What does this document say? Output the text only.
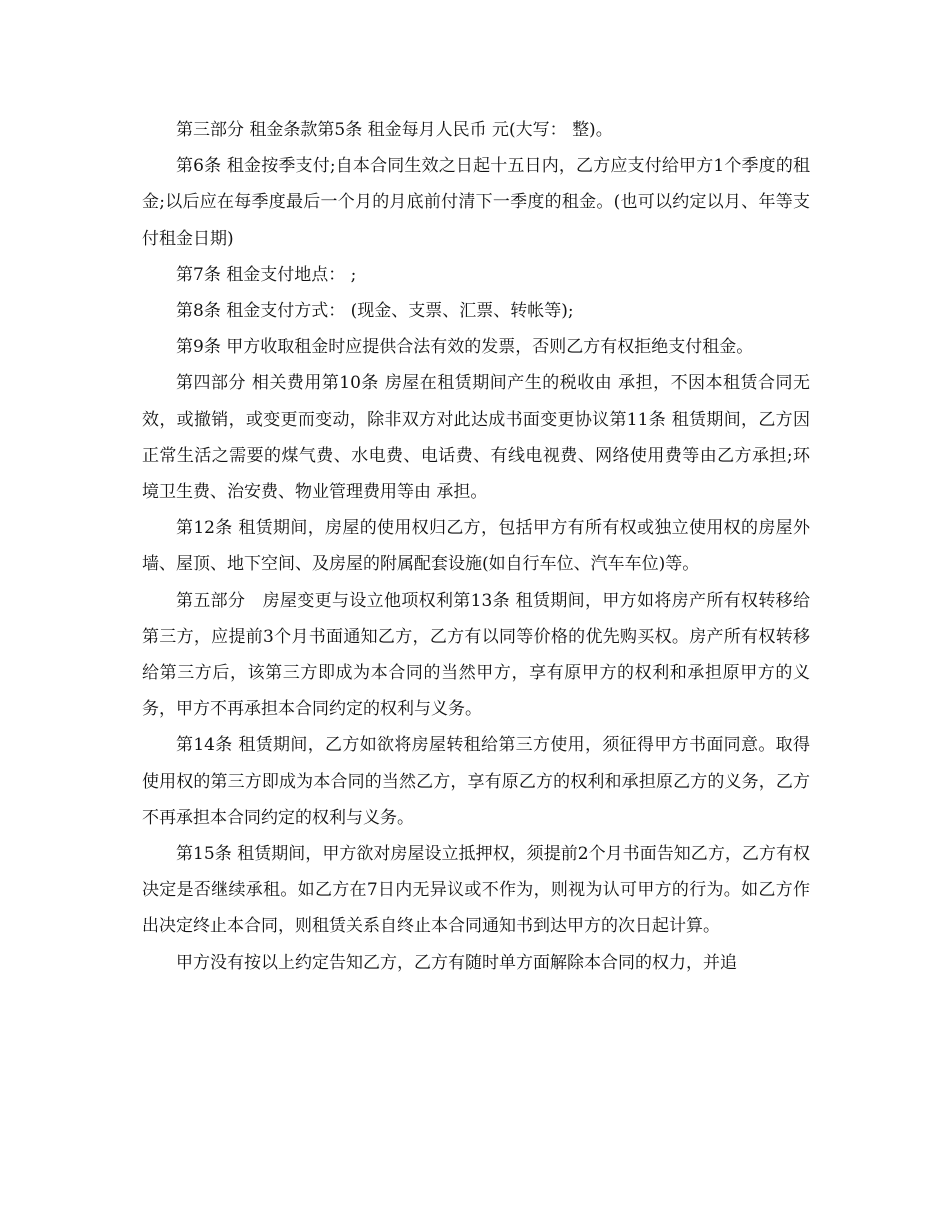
第三部分 租金条款第5条 租金每月人民币 元(大写： 整)。

第6条 租金按季支付;自本合同生效之日起十五日内，乙方应支付给甲方1个季度的租金;以后应在每季度最后一个月的月底前付清下一季度的租金。(也可以约定以月、年等支付租金日期)

第7条 租金支付地点： ;

第8条 租金支付方式： (现金、支票、汇票、转帐等);

第9条 甲方收取租金时应提供合法有效的发票，否则乙方有权拒绝支付租金。

第四部分 相关费用第10条 房屋在租赁期间产生的税收由 承担，不因本租赁合同无效，或撤销，或变更而变动，除非双方对此达成书面变更协议第11条 租赁期间，乙方因正常生活之需要的煤气费、水电费、电话费、有线电视费、网络使用费等由乙方承担;环境卫生费、治安费、物业管理费用等由 承担。

第12条 租赁期间，房屋的使用权归乙方，包括甲方有所有权或独立使用权的房屋外墙、屋顶、地下空间、及房屋的附属配套设施(如自行车位、汽车车位)等。

第五部分　房屋变更与设立他项权利第13条 租赁期间，甲方如将房产所有权转移给第三方，应提前3个月书面通知乙方，乙方有以同等价格的优先购买权。房产所有权转移给第三方后，该第三方即成为本合同的当然甲方，享有原甲方的权利和承担原甲方的义务，甲方不再承担本合同约定的权利与义务。

第14条 租赁期间，乙方如欲将房屋转租给第三方使用，须征得甲方书面同意。取得使用权的第三方即成为本合同的当然乙方，享有原乙方的权利和承担原乙方的义务，乙方不再承担本合同约定的权利与义务。

第15条 租赁期间，甲方欲对房屋设立抵押权，须提前2个月书面告知乙方，乙方有权决定是否继续承租。如乙方在7日内无异议或不作为，则视为认可甲方的行为。如乙方作出决定终止本合同，则租赁关系自终止本合同通知书到达甲方的次日起计算。

甲方没有按以上约定告知乙方，乙方有随时单方面解除本合同的权力，并追
